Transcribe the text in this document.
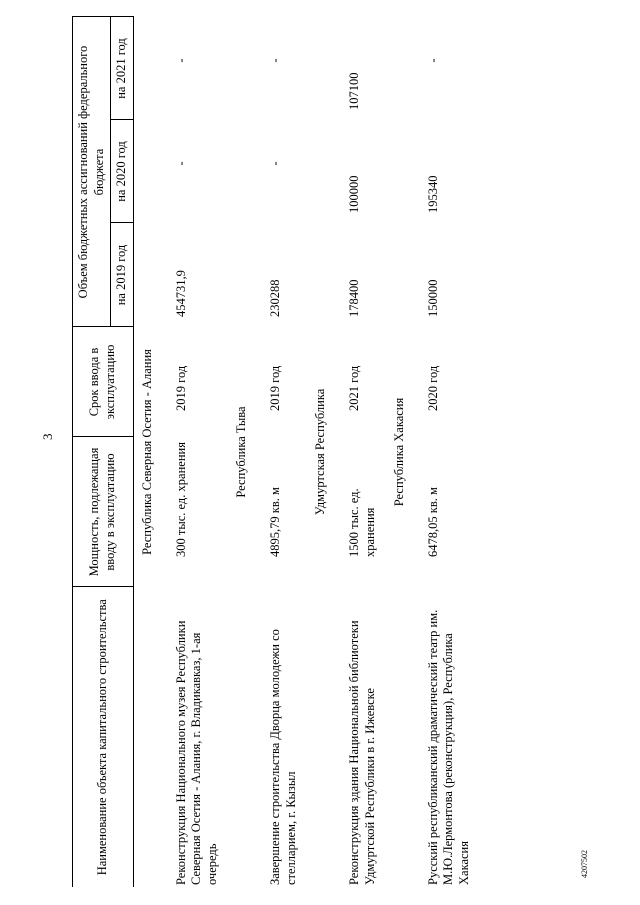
3
Наименование объекта капитального строительства	Мощность, подлежащая вводу в эксплуатацию	Срок ввода в эксплуатацию	Объем бюджетных ассигнований федерального бюджета		
			на 2019 год	на 2020 год	на 2021 год
Республика Северная Осетия - Алания					
Реконструкция Национального музея Республики Северная Осетия - Алания, г. Владикавказ, 1-ая очередь	300 тыс. ед. хранения	2019 год	454731,9	-	-
Республика Тыва					
Завершение строительства Дворца молодежи со стелларием, г. Кызыл	4895,79 кв. м	2019 год	230288	-	-
Удмуртская Республика					
Реконструкция здания Национальной библиотеки Удмуртской Республики в г. Ижевске	1500 тыс. ед. хранения	2021 год	178400	100000	107100
Республика Хакасия					
Русский республиканский драматический театр им. М.Ю.Лермонтова (реконструкция), Республика Хакасия	6478,05 кв. м	2020 год	150000	195340	-
4207502
